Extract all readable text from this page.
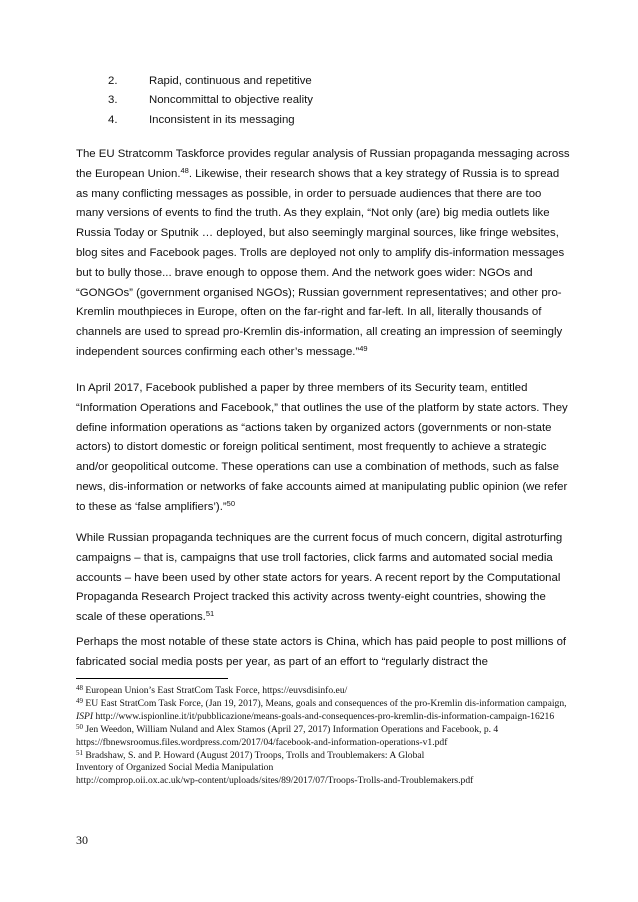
2.	Rapid, continuous and repetitive
3.	Noncommittal to objective reality
4.	Inconsistent in its messaging

The EU Stratcomm Taskforce provides regular analysis of Russian propaganda messaging across the European Union.$^{48}$. Likewise, their research shows that a key strategy of Russia is to spread as many conflicting messages as possible, in order to persuade audiences that there are too many versions of events to find the truth. As they explain, “Not only (are) big media outlets like Russia Today or Sputnik … deployed, but also seemingly marginal sources, like fringe websites, blog sites and Facebook pages. Trolls are deployed not only to amplify dis-information messages but to bully those... brave enough to oppose them. And the network goes wider: NGOs and “GONGOs” (government organised NGOs); Russian government representatives; and other pro-Kremlin mouthpieces in Europe, often on the far-right and far-left. In all, literally thousands of channels are used to spread pro-Kremlin dis-information, all creating an impression of seemingly independent sources confirming each other’s message.”$^{49}$

In April 2017, Facebook published a paper by three members of its Security team, entitled “Information Operations and Facebook,” that outlines the use of the platform by state actors. They define information operations as “actions taken by organized actors (governments or non-state actors) to distort domestic or foreign political sentiment, most frequently to achieve a strategic and/or geopolitical outcome. These operations can use a combination of methods, such as false news, dis-information or networks of fake accounts aimed at manipulating public opinion (we refer to these as ‘false amplifiers’).”$^{50}$

While Russian propaganda techniques are the current focus of much concern, digital astroturfing campaigns – that is, campaigns that use troll factories, click farms and automated social media accounts – have been used by other state actors for years. A recent report by the Computational Propaganda Research Project tracked this activity across twenty-eight countries, showing the scale of these operations.$^{51}$

Perhaps the most notable of these state actors is China, which has paid people to post millions of fabricated social media posts per year, as part of an effort to “regularly distract the

$^{48}$ European Union’s East StratCom Task Force, https://euvsdisinfo.eu/

$^{49}$ EU East StratCom Task Force, (Jan 19, 2017), Means, goals and consequences of the pro-Kremlin dis-information campaign, ISPI http://www.ispionline.it/it/pubblicazione/means-goals-and-consequences-pro-kremlin-dis-information-campaign-16216

$^{50}$ Jen Weedon, William Nuland and Alex Stamos (April 27, 2017) Information Operations and Facebook, p. 4 https://fbnewsroomus.files.wordpress.com/2017/04/facebook-and-information-operations-v1.pdf

$^{51}$ Bradshaw, S. and P. Howard (August 2017) Troops, Trolls and Troublemakers: A Global
Inventory of Organized Social Media Manipulation
http://comprop.oii.ox.ac.uk/wp-content/uploads/sites/89/2017/07/Troops-Trolls-and-Troublemakers.pdf

30
